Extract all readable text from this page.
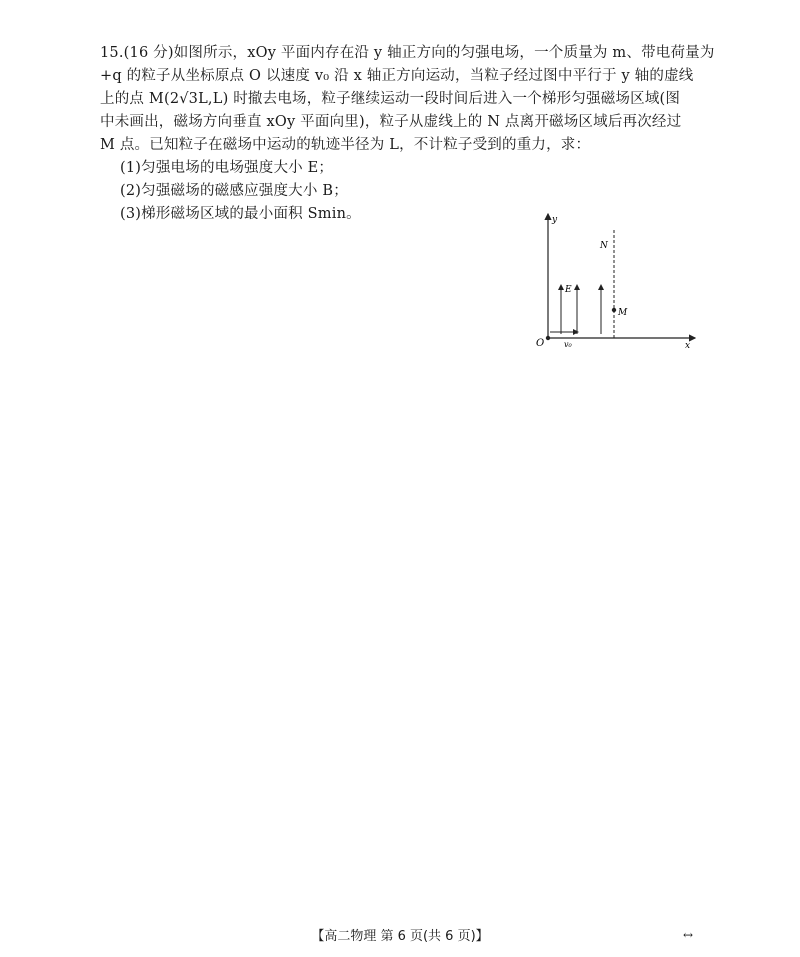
15.(16 分)如图所示，xOy 平面内存在沿 y 轴正方向的匀强电场，一个质量为 m、带电荷量为

+q 的粒子从坐标原点 O 以速度 v₀ 沿 x 轴正方向运动，当粒子经过图中平行于 y 轴的虚线

上的点 M(2√3L,L) 时撤去电场，粒子继续运动一段时间后进入一个梯形匀强磁场区域(图

中未画出，磁场方向垂直 xOy 平面向里)，粒子从虚线上的 N 点离开磁场区域后再次经过

M 点。已知粒子在磁场中运动的轨迹半径为 L，不计粒子受到的重力，求：

(1)匀强电场的电场强度大小 E；

(2)匀强磁场的磁感应强度大小 B；

(3)梯形磁场区域的最小面积 Smin。	y
x
O v₀
E
N
M
【高二物理 第 6 页(共 6 页)】	↔
